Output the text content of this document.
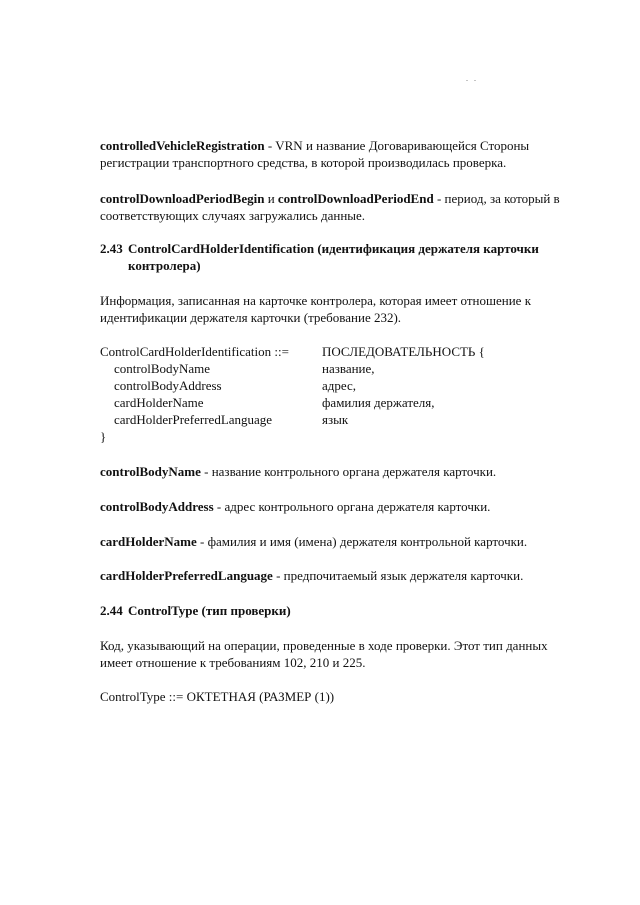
. .

controlledVehicleRegistration - VRN и название Договаривающейся Стороны регистрации транспортного средства, в которой производилась проверка.

controlDownloadPeriodBegin и controlDownloadPeriodEnd - период, за который в соответствующих случаях загружались данные.

2.43 ControlCardHolderIdentification (идентификация держателя карточки
контролера)

Информация, записанная на карточке контролера, которая имеет отношение к идентификации держателя карточки (требование 232).

ControlCardHolderIdentification ::=	ПОСЛЕДОВАТЕЛЬНОСТЬ {
controlBodyName	название,
controlBodyAddress	адрес,
cardHolderName	фамилия держателя,
cardHolderPreferredLanguage	язык
}

controlBodyName - название контрольного органа держателя карточки.

controlBodyAddress - адрес контрольного органа держателя карточки.

cardHolderName - фамилия и имя (имена) держателя контрольной карточки.

cardHolderPreferredLanguage - предпочитаемый язык держателя карточки.

2.44 ControlType (тип проверки)

Код, указывающий на операции, проведенные в ходе проверки. Этот тип данных имеет отношение к требованиям 102, 210 и 225.

ControlType ::= ОКТЕТНАЯ (РАЗМЕР (1))
